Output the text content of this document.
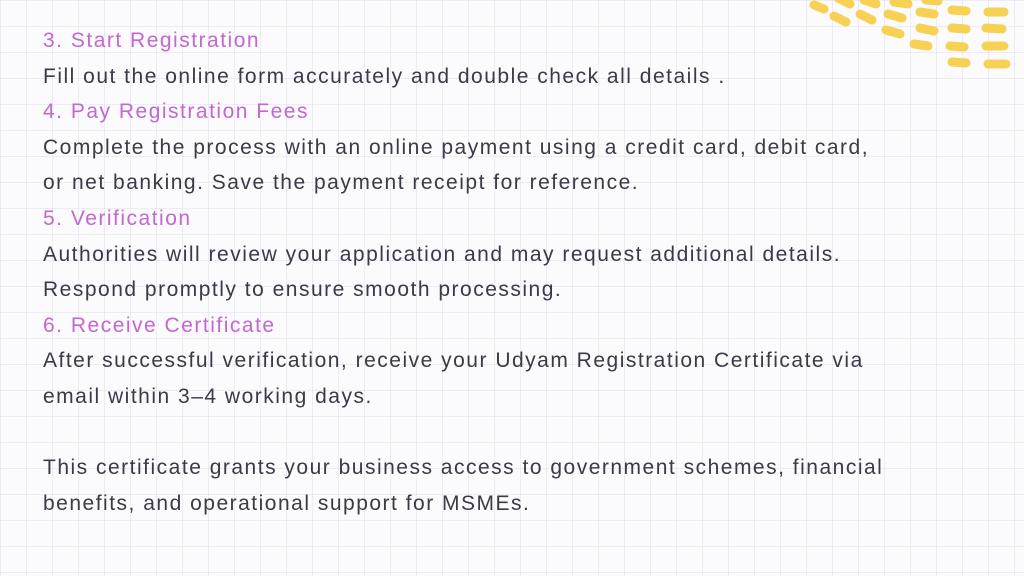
3. Start Registration
Fill out the online form accurately and double check all details .
4. Pay Registration Fees
Complete the process with an online payment using a credit card, debit card,
or net banking. Save the payment receipt for reference.
5. Verification
Authorities will review your application and may request additional details.
Respond promptly to ensure smooth processing.
6. Receive Certificate
After successful verification, receive your Udyam Registration Certificate via
email within 3–4 working days.
This certificate grants your business access to government schemes, financial
benefits, and operational support for MSMEs.
